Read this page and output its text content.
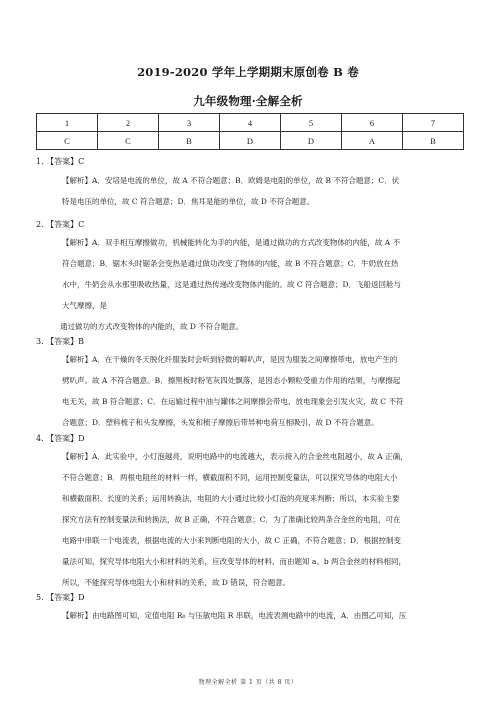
2019-2020 学年上学期期末原创卷 B 卷
九年级物理·全解全析
1	2	3	4	5	6	7
C	C	B	D	D	A	B
1. 【答案】C

【解析】A．安培是电流的单位，故 A 不符合题意；B．欧姆是电阻的单位，故 B 不符合题意；C．伏

特是电压的单位，故 C 符合题意；D．焦耳是能的单位，故 D 不符合题意。

2. 【答案】C

【解析】A．双手相互摩擦做功，机械能转化为手的内能，是通过做功的方式改变物体的内能，故 A 不

符合题意；B．锯木头时锯条会变热是通过做功改变了物体的内能，故 B 不符合题意；C．牛奶放在热

水中，牛奶会从水那里吸收热量，这是通过热传递改变物体内能的。故 C 符合题意；D．飞船返回舱与

大气摩擦，是

通过做功的方式改变物体的内能的，故 D 不符合题意。

3. 【答案】B

【解析】A．在干燥的冬天脱化纤服装时会听到轻微的噼叭声，是因为服装之间摩擦带电，放电产生的

劈叭声。故 A 不符合题意。B．擦黑板时粉笔灰四处飘落，是因态小颗粒受重力作用的结果，与摩擦起

电无关，故 B 符合题意；C．在运输过程中油与罐体之间摩擦会带电，放电现象会引发火灾，故 C 不符

合题意；D．塑料梳子和头发摩擦，头发和梳子摩擦后带异种电荷互相吸引，故 D 不符合题意。

4. 【答案】D

【解析】A．此实验中，小灯泡越亮，说明电路中的电流越大，表示接入的合金丝电阻越小，故 A 正确，

不符合题意；B．两根电阻丝的材料一样，横截面积不同，运用控制变量法，可以探究导体的电阻大小

和横截面积、长度的关系；运用转换法，电阻的大小通过比较小灯泡的亮度来判断；所以，本实验主要

探究方法有控制变量法和转换法，故 B 正确，不符合题意；C．为了准确比较两条合金丝的电阻，可在

电路中串联一个电流表，根据电流的大小来判断电阻的大小，故 C 正确，不符合题意；D．根据控制变

量法可知，探究导体电阻大小和材料的关系，应改变导体的材料，而由题知 a、b 两合金丝的材料相同，

所以，不能探究导体电阻大小和材料的关系，故 D 错误，符合题意。

5. 【答案】D

【解析】由电路图可知，定值电阻 R₀ 与压敏电阻 R 串联，电流表测电路中的电流，A．由图乙可知，压

物理全解全析 第 1 页（共 8 页）
